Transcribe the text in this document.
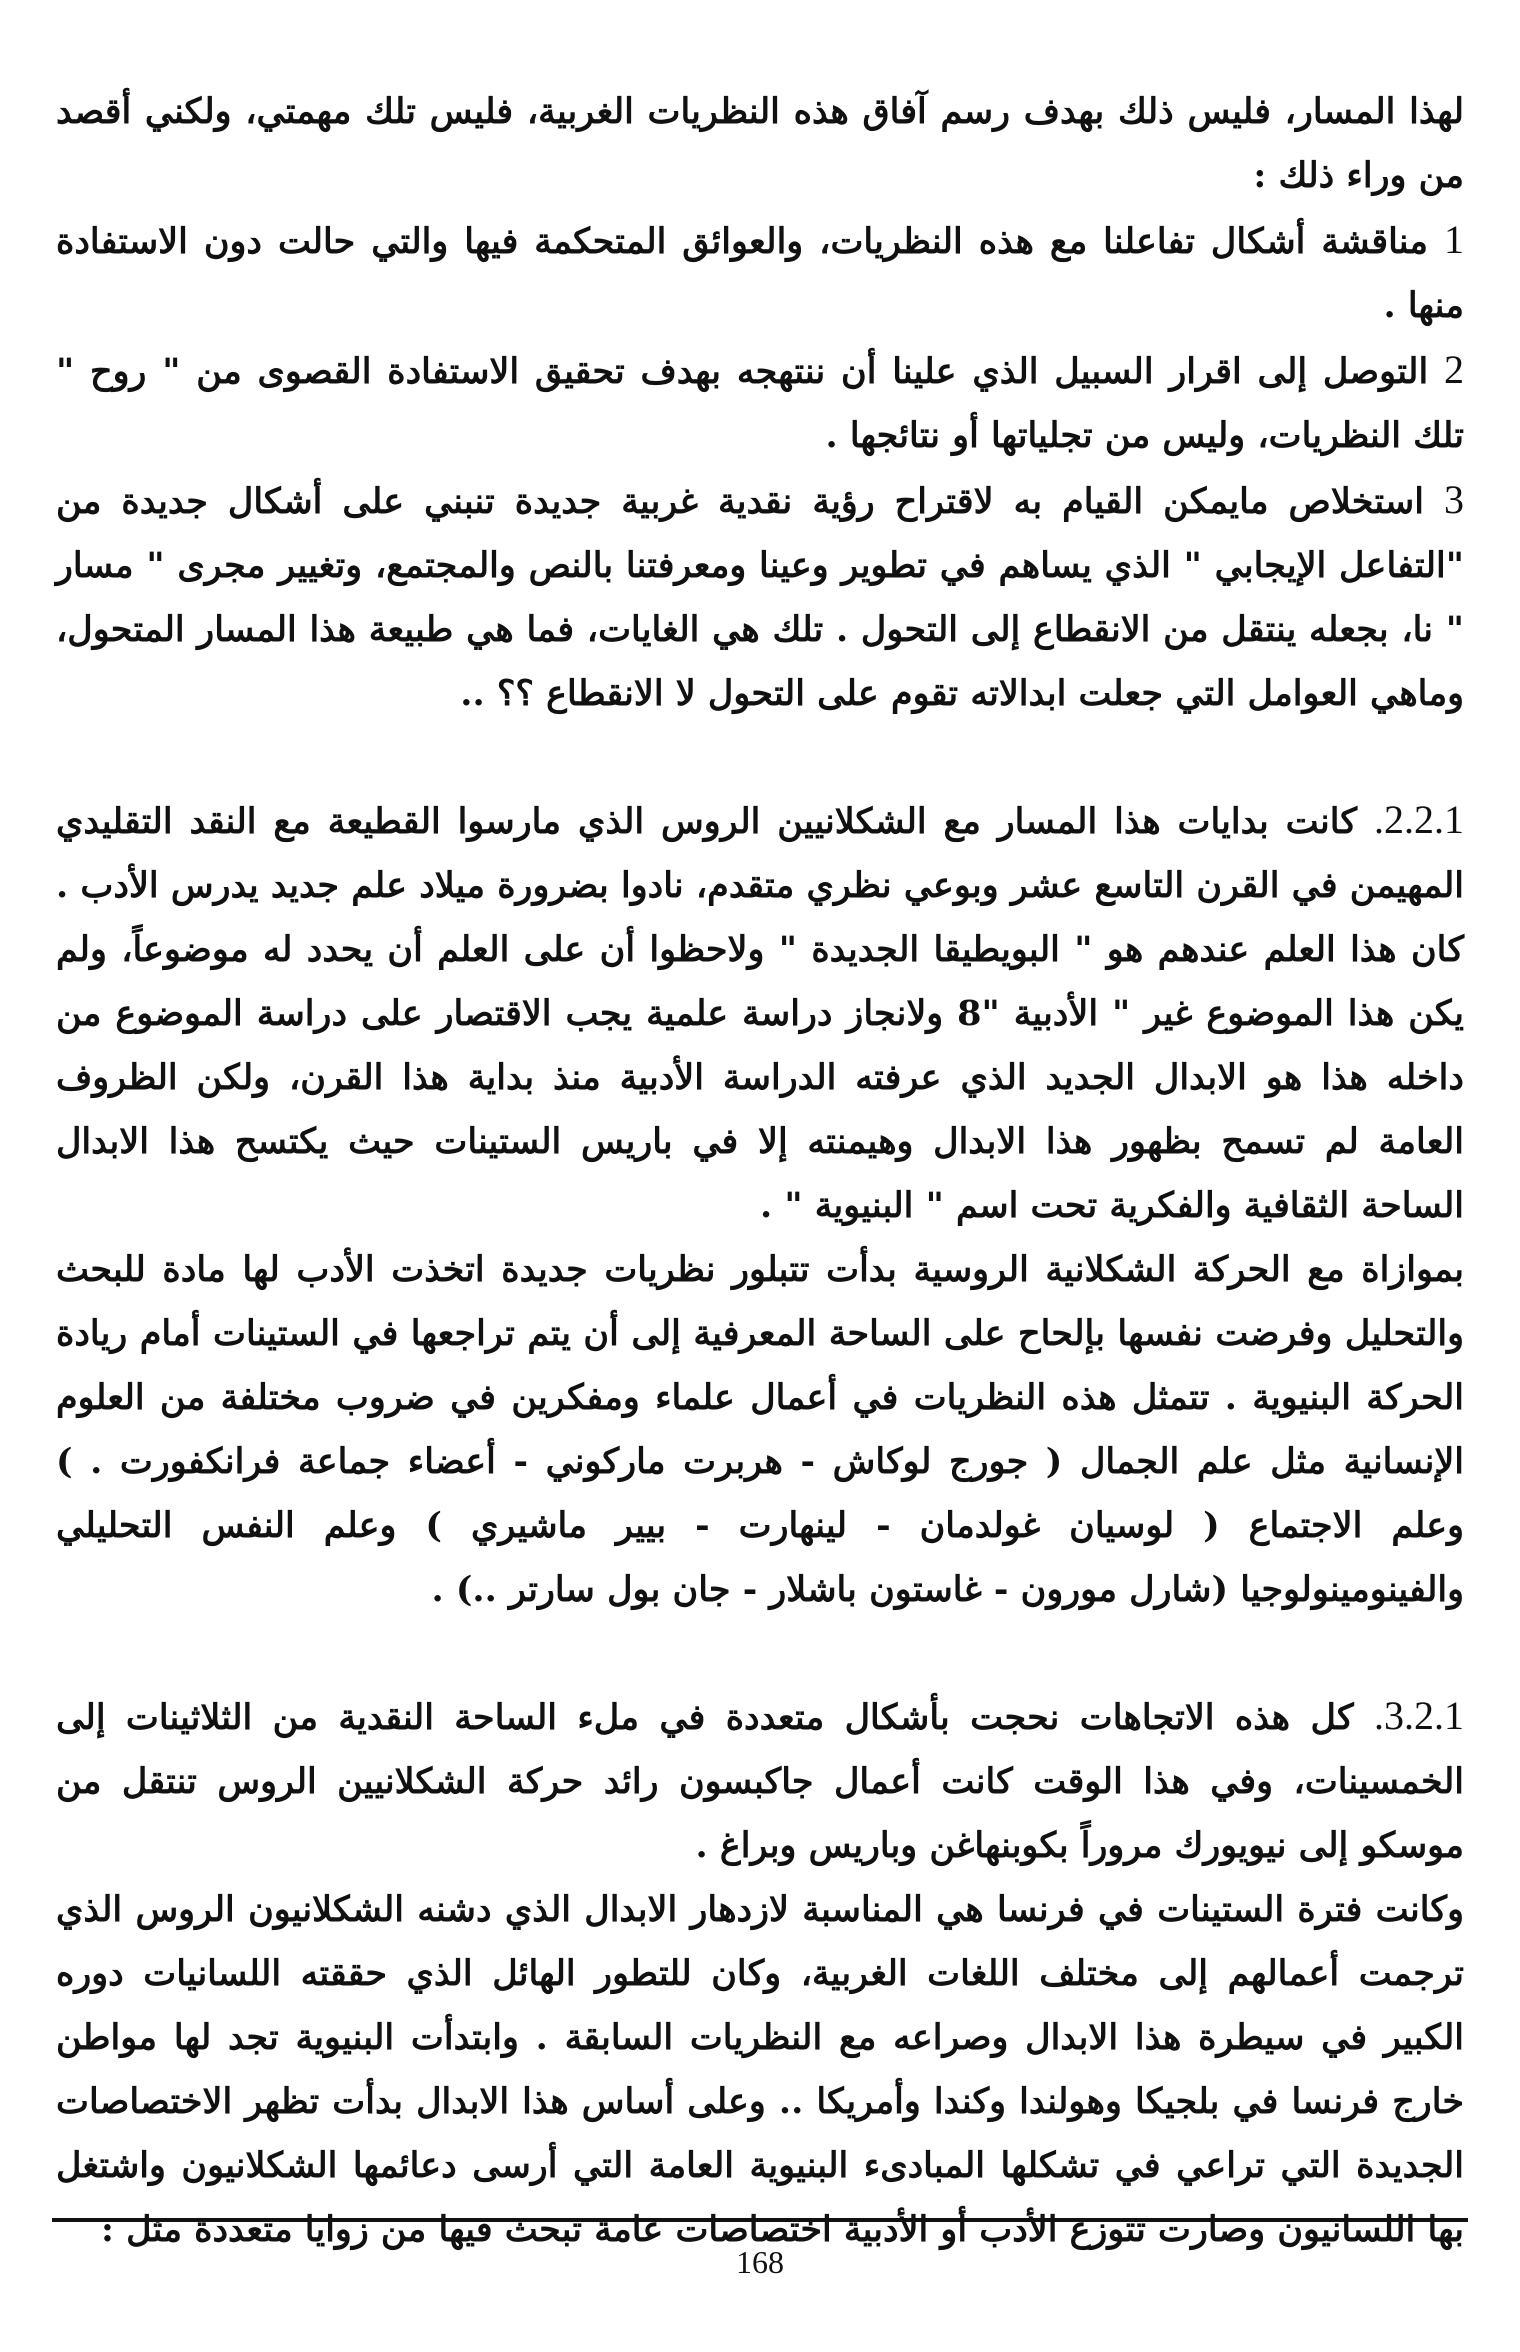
لهذا المسار، فليس ذلك بهدف رسم آفاق هذه النظريات الغربية، فليس تلك مهمتي، ولكني أقصد من وراء ذلك :

1 مناقشة أشكال تفاعلنا مع هذه النظريات، والعوائق المتحكمة فيها والتي حالت دون الاستفادة منها .

2 التوصل إلى اقرار السبيل الذي علينا أن ننتهجه بهدف تحقيق الاستفادة القصوى من " روح " تلك النظريات، وليس من تجلياتها أو نتائجها .

3 استخلاص مايمكن القيام به لاقتراح رؤية نقدية غربية جديدة تنبني على أشكال جديدة من "التفاعل الإيجابي " الذي يساهم في تطوير وعينا ومعرفتنا بالنص والمجتمع، وتغيير مجرى " مسار " نا، بجعله ينتقل من الانقطاع إلى التحول . تلك هي الغايات، فما هي طبيعة هذا المسار المتحول، وماهي العوامل التي جعلت ابدالاته تقوم على التحول لا الانقطاع ؟؟ ..

2.2.1. كانت بدايات هذا المسار مع الشكلانيين الروس الذي مارسوا القطيعة مع النقد التقليدي المهيمن في القرن التاسع عشر وبوعي نظري متقدم، نادوا بضرورة ميلاد علم جديد يدرس الأدب . كان هذا العلم عندهم هو " البويطيقا الجديدة " ولاحظوا أن على العلم أن يحدد له موضوعاً، ولم يكن هذا الموضوع غير " الأدبية "8 ولانجاز دراسة علمية يجب الاقتصار على دراسة الموضوع من داخله هذا هو الابدال الجديد الذي عرفته الدراسة الأدبية منذ بداية هذا القرن، ولكن الظروف العامة لم تسمح بظهور هذا الابدال وهيمنته إلا في باريس الستينات حيث يكتسح هذا الابدال الساحة الثقافية والفكرية تحت اسم " البنيوية " .

بموازاة مع الحركة الشكلانية الروسية بدأت تتبلور نظريات جديدة اتخذت الأدب لها مادة للبحث والتحليل وفرضت نفسها بإلحاح على الساحة المعرفية إلى أن يتم تراجعها في الستينات أمام ريادة الحركة البنيوية . تتمثل هذه النظريات في أعمال علماء ومفكرين في ضروب مختلفة من العلوم الإنسانية مثل علم الجمال ( جورج لوكاش - هربرت ماركوني - أعضاء جماعة فرانكفورت . ) وعلم الاجتماع ( لوسيان غولدمان - لينهارت - بيير ماشيري ) وعلم النفس التحليلي والفينومينولوجيا (شارل مورون - غاستون باشلار - جان بول سارتر ..) .

3.2.1. كل هذه الاتجاهات نحجت بأشكال متعددة في ملء الساحة النقدية من الثلاثينات إلى الخمسينات، وفي هذا الوقت كانت أعمال جاكبسون رائد حركة الشكلانيين الروس تنتقل من موسكو إلى نيويورك مروراً بكوبنهاغن وباريس وبراغ .

وكانت فترة الستينات في فرنسا هي المناسبة لازدهار الابدال الذي دشنه الشكلانيون الروس الذي ترجمت أعمالهم إلى مختلف اللغات الغربية، وكان للتطور الهائل الذي حققته اللسانيات دوره الكبير في سيطرة هذا الابدال وصراعه مع النظريات السابقة . وابتدأت البنيوية تجد لها مواطن خارج فرنسا في بلجيكا وهولندا وكندا وأمريكا .. وعلى أساس هذا الابدال بدأت تظهر الاختصاصات الجديدة التي تراعي في تشكلها المبادىء البنيوية العامة التي أرسى دعائمها الشكلانيون واشتغل بها اللسانيون وصارت تتوزع الأدب أو الأدبية اختصاصات عامة تبحث فيها من زوايا متعددة مثل :

168
